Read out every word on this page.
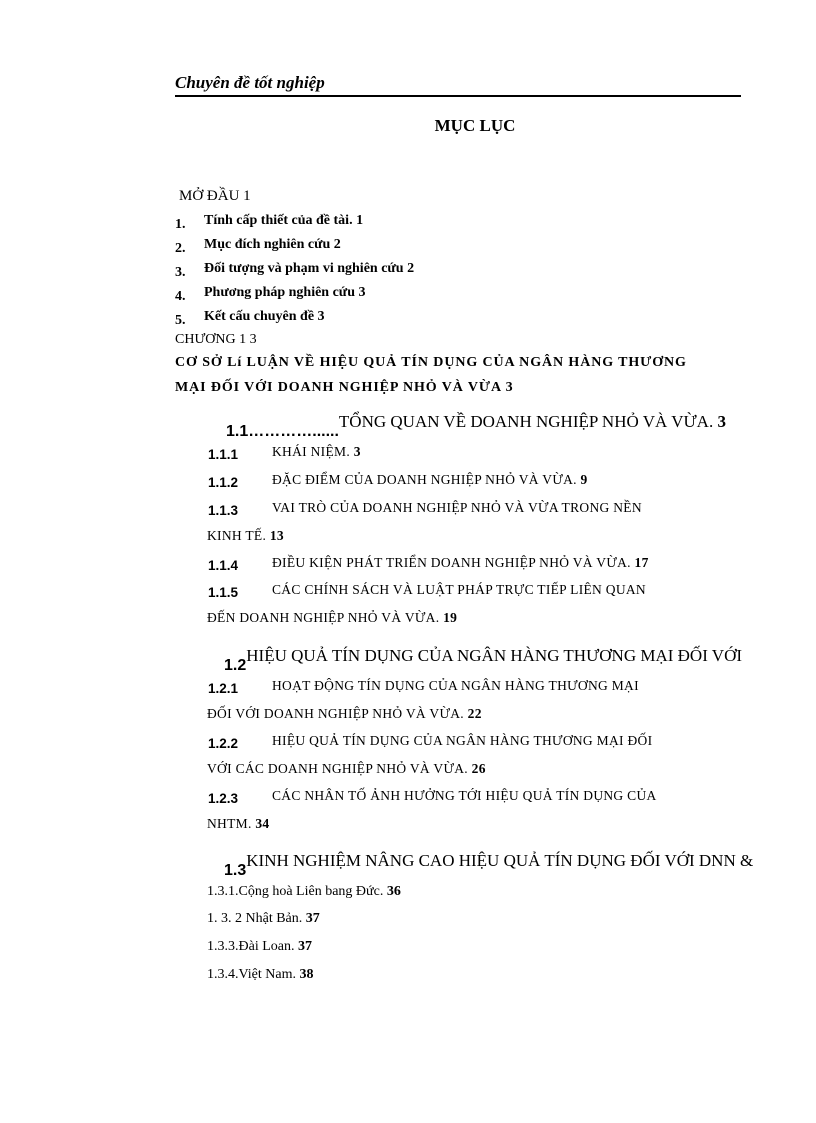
Chuyên đề tốt nghiệp
MỤC LỤC
MỞ ĐẦU 1
1. Tính cấp thiết của đề tài. 1
2. Mục đích nghiên cứu 2
3. Đối tượng và phạm vi nghiên cứu 2
4. Phương pháp nghiên cứu 3
5. Kết cấu chuyên đề 3
CHƯƠNG 1 3
CƠ SỞ Lí LUẬN VỀ HIỆU QUẢ TÍN DỤNG CỦA NGÂN HÀNG THƯƠNG
MẠI ĐỐI VỚI DOANH NGHIỆP NHỎ VÀ VỪA 3
1.1…………......TỔNG QUAN VỀ DOANH NGHIỆP NHỎ VÀ VỪA. 3
1.1.1	KHÁI NIỆM. 3
1.1.2	ĐẶC ĐIỂM CỦA DOANH NGHIỆP NHỎ VÀ VỪA. 9
1.1.3	VAI TRÒ CỦA DOANH NGHIỆP NHỎ VÀ VỪA TRONG NỀN
KINH TẾ. 13
1.1.4	ĐIỀU KIỆN PHÁT TRIỂN DOANH NGHIỆP NHỎ VÀ VỪA. 17
1.1.5	CÁC CHÍNH SÁCH VÀ LUẬT PHÁP TRỰC TIẾP LIÊN QUAN
ĐẾN DOANH NGHIỆP NHỎ VÀ VỪA. 19
1.2HIỆU QUẢ TÍN DỤNG CỦA NGÂN HÀNG THƯƠNG MẠI ĐỐI VỚI
1.2.1	HOẠT ĐỘNG TÍN DỤNG CỦA NGÂN HÀNG THƯƠNG MẠI
ĐỐI VỚI DOANH NGHIỆP NHỎ VÀ VỪA. 22
1.2.2	HIỆU QUẢ TÍN DỤNG CỦA NGÂN HÀNG THƯƠNG MẠI ĐỐI
VỚI CÁC DOANH NGHIỆP NHỎ VÀ VỪA. 26
1.2.3	CÁC NHÂN TỐ ẢNH HƯỞNG TỚI HIỆU QUẢ TÍN DỤNG CỦA
NHTM. 34
1.3KINH NGHIỆM NÂNG CAO HIỆU QUẢ TÍN DỤNG ĐỐI VỚI DNN &
1.3.1.Cộng hoà Liên bang Đức. 36
1. 3. 2 Nhật Bản. 37
1.3.3.Đài Loan. 37
1.3.4.Việt Nam. 38
